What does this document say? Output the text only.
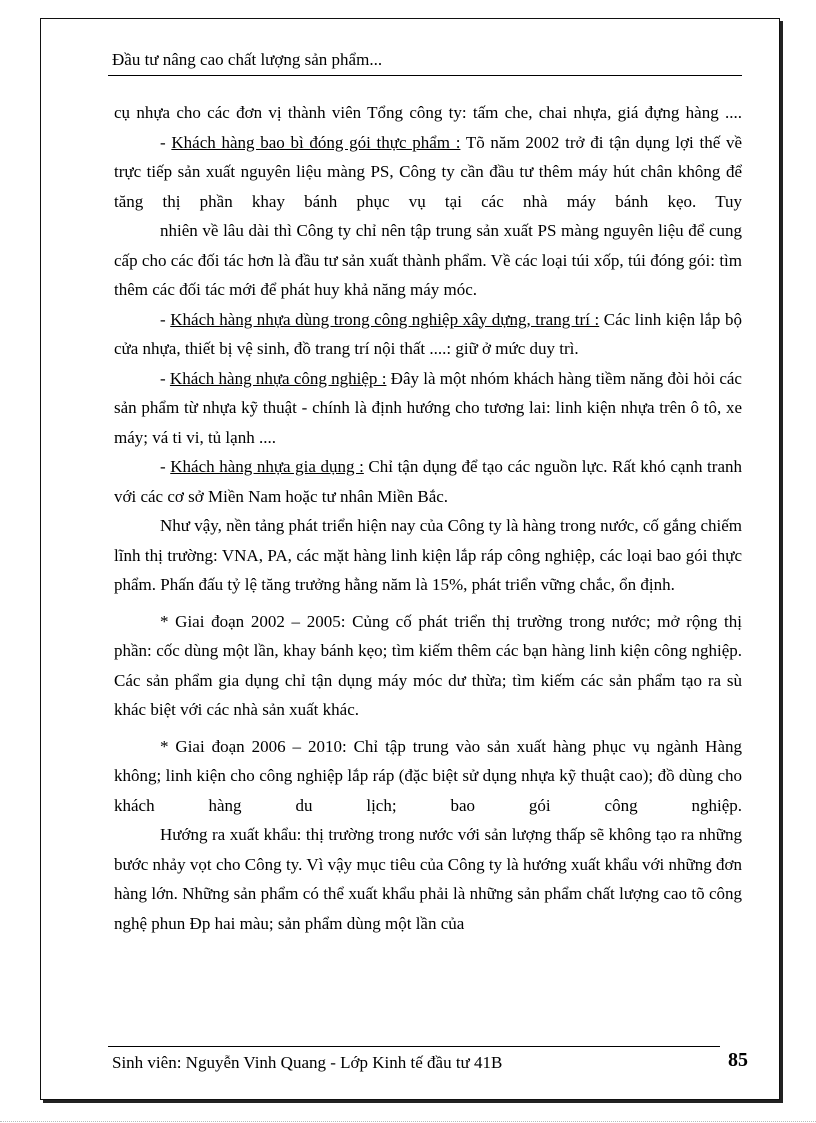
Đầu tư nâng cao chất lượng sản phẩm...

cụ nhựa cho các đơn vị thành viên Tổng công ty: tấm che, chai nhựa, giá đựng hàng ....

- Khách hàng bao bì đóng gói thực phẩm : Tõ năm 2002 trở đi tận dụng lợi thế về trực tiếp sản xuất nguyên liệu màng PS, Công ty cần đầu tư thêm máy hút chân không để tăng thị phần khay bánh phục vụ tại các nhà máy bánh kẹo. Tuy

nhiên về lâu dài thì Công ty chỉ nên tập trung sản xuất PS màng nguyên liệu để cung cấp cho các đối tác hơn là đầu tư sản xuất thành phẩm. Về các loại túi xốp, túi đóng gói: tìm thêm các đối tác mới để phát huy khả năng máy móc.

- Khách hàng nhựa dùng trong công nghiệp xây dựng, trang trí : Các linh kiện lắp bộ cửa nhựa, thiết bị vệ sinh, đồ trang trí nội thất ....: giữ ở mức duy trì.

- Khách hàng nhựa công nghiệp : Đây là một nhóm khách hàng tiềm năng đòi hỏi các sản phẩm từ nhựa kỹ thuật - chính là định hướng cho tương lai: linh kiện nhựa trên ô tô, xe máy; vá ti vi, tủ lạnh ....

- Khách hàng nhựa gia dụng : Chỉ tận dụng để tạo các nguồn lực. Rất khó cạnh tranh với các cơ sở Miền Nam hoặc tư nhân Miền Bắc.

Như vậy, nền tảng phát triển hiện nay của Công ty là hàng trong nước, cố gắng chiếm lĩnh thị trường: VNA, PA, các mặt hàng linh kiện lắp ráp công nghiệp, các loại bao gói thực phẩm. Phấn đấu tỷ lệ tăng trưởng hằng năm là 15%, phát triển vững chắc, ổn định.

* Giai đoạn 2002 – 2005: Củng cố phát triển thị trường trong nước; mở rộng thị phần: cốc dùng một lần, khay bánh kẹo; tìm kiếm thêm các bạn hàng linh kiện công nghiệp. Các sản phẩm gia dụng chỉ tận dụng máy móc dư thừa; tìm kiếm các sản phẩm tạo ra sù khác biệt với các nhà sản xuất khác.

* Giai đoạn 2006 – 2010: Chỉ tập trung vào sản xuất hàng phục vụ ngành Hàng không; linh kiện cho công nghiệp lắp ráp (đặc biệt sử dụng nhựa kỹ thuật cao); đồ dùng cho khách hàng du lịch; bao gói công nghiệp.

Hướng ra xuất khẩu: thị trường trong nước với sản lượng thấp sẽ không tạo ra những bước nhảy vọt cho Công ty. Vì vậy mục tiêu của Công ty là hướng xuất khẩu với những đơn hàng lớn. Những sản phẩm có thể xuất khẩu phải là những sản phẩm chất lượng cao tõ công nghệ phun Ðp hai màu; sản phẩm dùng một lần của

Sinh viên: Nguyễn Vinh Quang - Lớp Kinh tế đầu tư 41B	85
